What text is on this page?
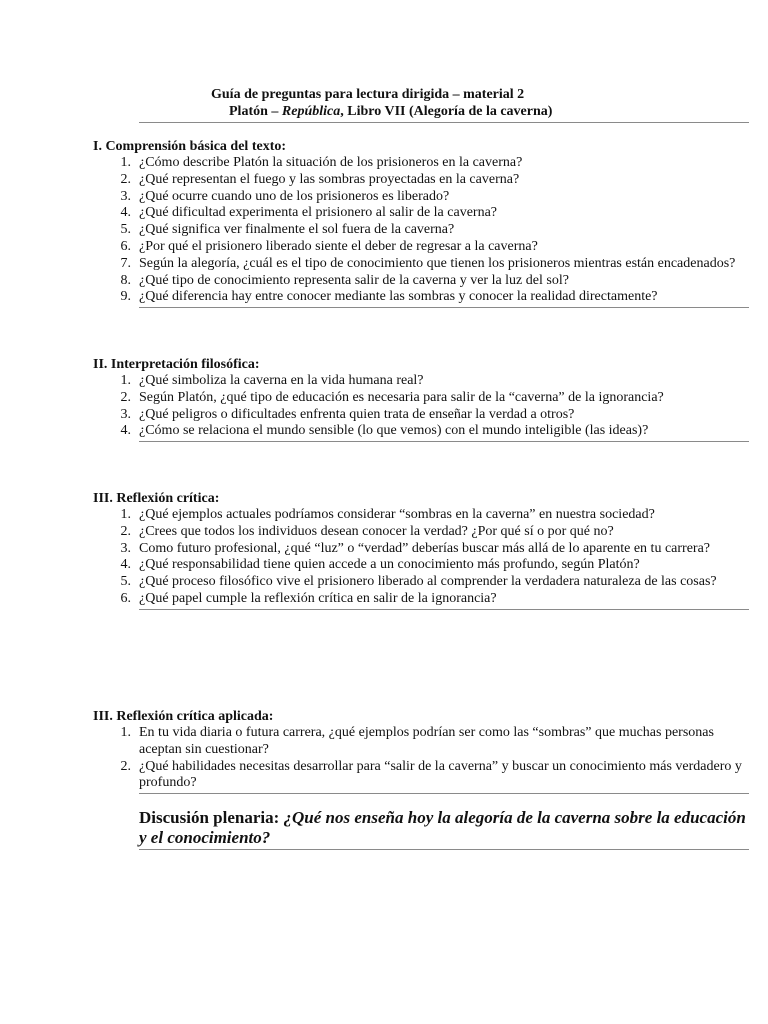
Guía de preguntas para lectura dirigida – material 2
Platón – República, Libro VII (Alegoría de la caverna)
I. Comprensión básica del texto:
1. ¿Cómo describe Platón la situación de los prisioneros en la caverna?
2. ¿Qué representan el fuego y las sombras proyectadas en la caverna?
3. ¿Qué ocurre cuando uno de los prisioneros es liberado?
4. ¿Qué dificultad experimenta el prisionero al salir de la caverna?
5. ¿Qué significa ver finalmente el sol fuera de la caverna?
6. ¿Por qué el prisionero liberado siente el deber de regresar a la caverna?
7. Según la alegoría, ¿cuál es el tipo de conocimiento que tienen los prisioneros mientras están encadenados?
8. ¿Qué tipo de conocimiento representa salir de la caverna y ver la luz del sol?
9. ¿Qué diferencia hay entre conocer mediante las sombras y conocer la realidad directamente?
II. Interpretación filosófica:
1. ¿Qué simboliza la caverna en la vida humana real?
2. Según Platón, ¿qué tipo de educación es necesaria para salir de la “caverna” de la ignorancia?
3. ¿Qué peligros o dificultades enfrenta quien trata de enseñar la verdad a otros?
4. ¿Cómo se relaciona el mundo sensible (lo que vemos) con el mundo inteligible (las ideas)?
III. Reflexión crítica:
1. ¿Qué ejemplos actuales podríamos considerar “sombras en la caverna” en nuestra sociedad?
2. ¿Crees que todos los individuos desean conocer la verdad? ¿Por qué sí o por qué no?
3. Como futuro profesional, ¿qué “luz” o “verdad” deberías buscar más allá de lo aparente en tu carrera?
4. ¿Qué responsabilidad tiene quien accede a un conocimiento más profundo, según Platón?
5. ¿Qué proceso filosófico vive el prisionero liberado al comprender la verdadera naturaleza de las cosas?
6. ¿Qué papel cumple la reflexión crítica en salir de la ignorancia?
III. Reflexión crítica aplicada:
1. En tu vida diaria o futura carrera, ¿qué ejemplos podrían ser como las “sombras” que muchas personas aceptan sin cuestionar?
2. ¿Qué habilidades necesitas desarrollar para “salir de la caverna” y buscar un conocimiento más verdadero y profundo?
Discusión plenaria: ¿Qué nos enseña hoy la alegoría de la caverna sobre la educación y el conocimiento?
